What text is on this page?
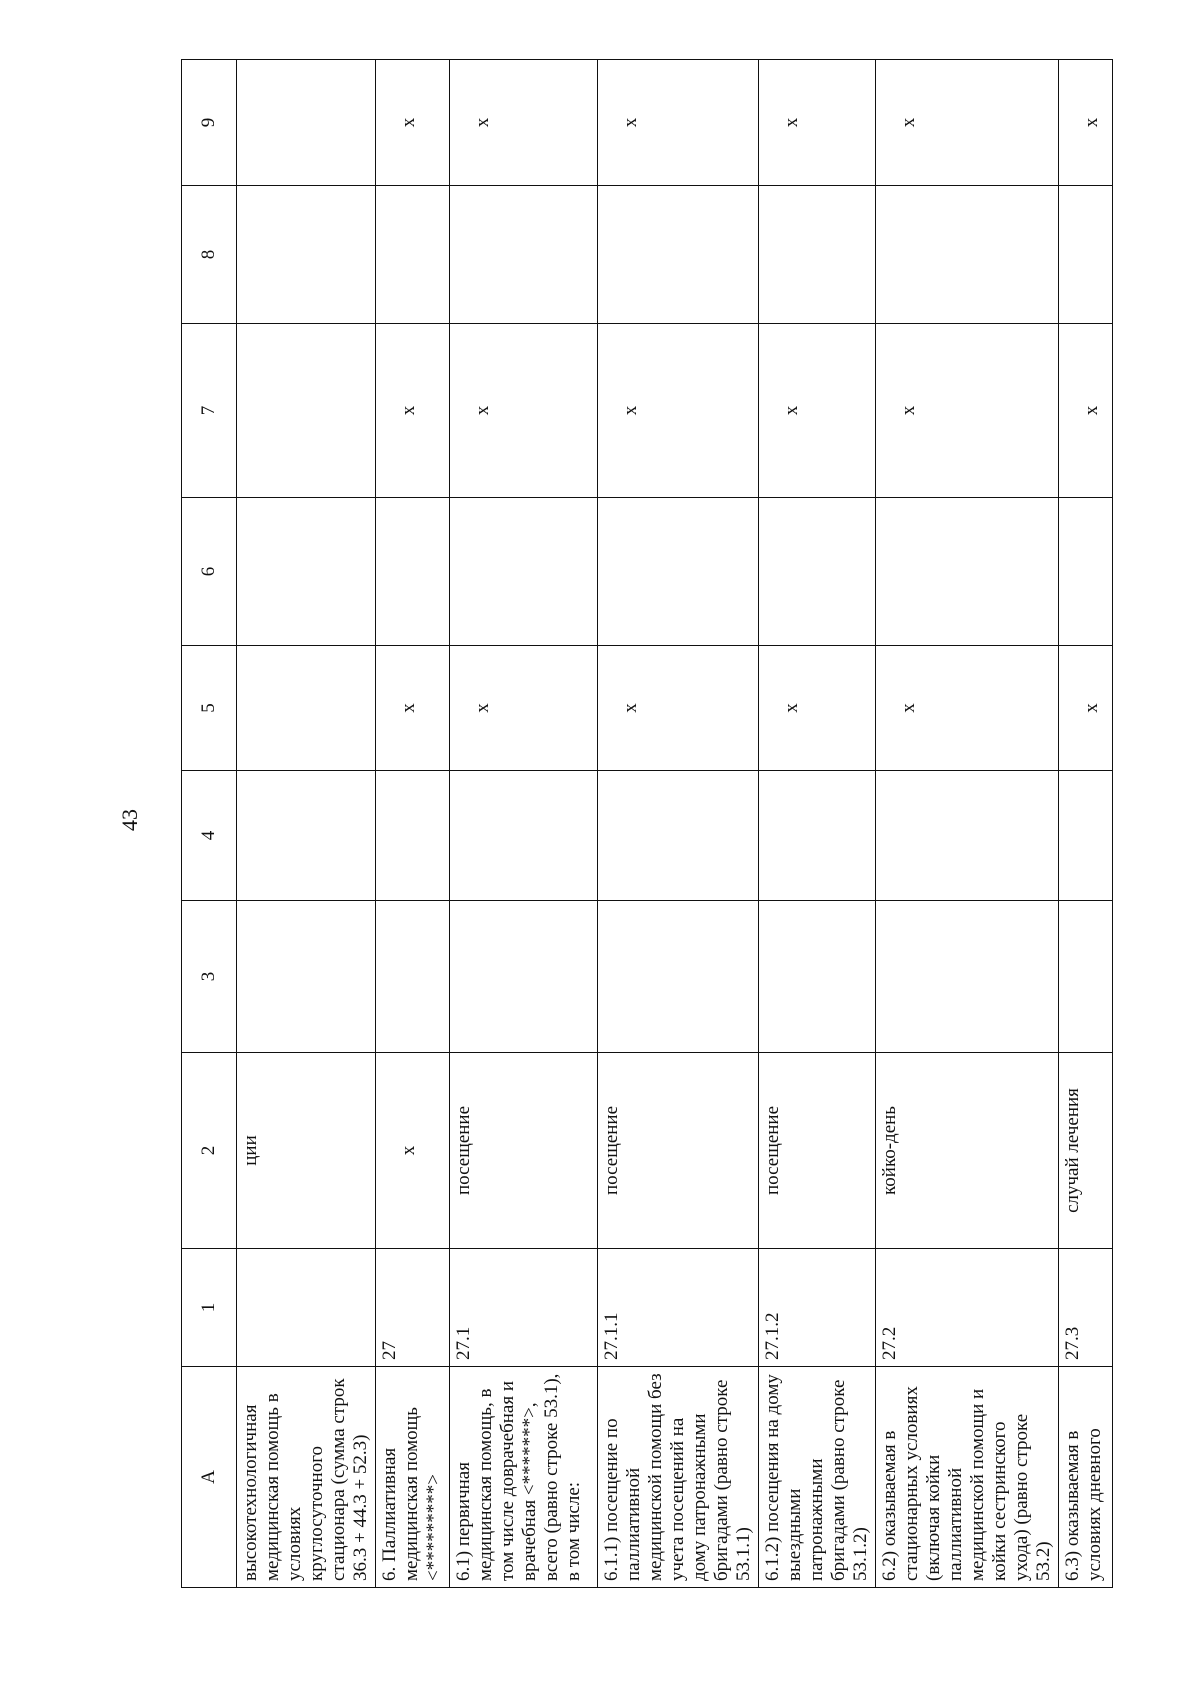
43
A	1	2	3	4	5	6	7	8	9
высокотехнологичная медицинская помощь в условиях круглосуточного стационара (сумма строк 36.3 + 44.3 + 52.3)		ции							
6. Паллиативная медицинская помощь <*********>	27	x			x		x		x
6.1) первичная медицинская помощь, в том числе доврачебная и врачебная <*******>, всего (равно строке 53.1), в том числе:	27.1	посещение			x		x		x
6.1.1) посещение по паллиативной медицинской помощи без учета посещений на дому патронажными бригадами (равно строке 53.1.1)	27.1.1	посещение			x		x		x
6.1.2) посещения на дому выездными патронажными бригадами (равно строке 53.1.2)	27.1.2	посещение			x		x		x
6.2) оказываемая в стационарных условиях (включая койки паллиативной медицинской помощи и койки сестринского ухода) (равно строке 53.2)	27.2	койко-день			x		x		x
6.3) оказываемая в условиях дневного	27.3	случай лечения			x		x		x
